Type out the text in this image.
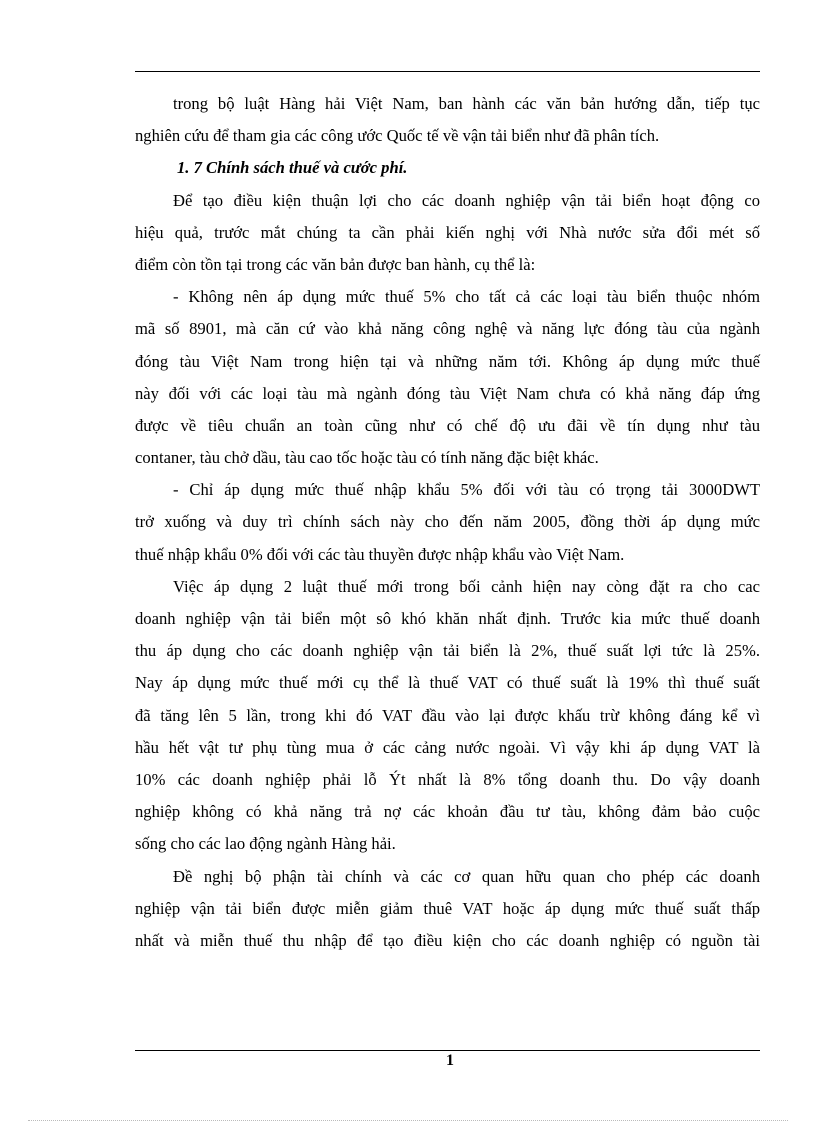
trong bộ luật Hàng hải Việt Nam, ban hành các văn bản hướng dẫn, tiếp tục
nghiên cứu để tham gia các công ước Quốc tế về vận tải biển như đã phân tích.
1. 7 Chính sách thuế và cước phí.
Để tạo điều kiện thuận lợi cho các doanh nghiệp vận tải biển hoạt động co
hiệu quả, trước mắt chúng ta cần phải kiến nghị với Nhà nước sửa đổi mét số
điểm còn tồn tại trong các văn bản được ban hành, cụ thể là:
- Không nên áp dụng mức thuế 5% cho tất cả các loại tàu biển thuộc nhóm
mã số 8901, mà căn cứ vào khả năng công nghệ và năng lực đóng tàu của ngành
đóng tàu Việt Nam trong hiện tại và những năm tới. Không áp dụng mức thuế
này đối với các loại tàu mà ngành đóng tàu Việt Nam chưa có khả năng đáp ứng
được về tiêu chuẩn an toàn cũng như có chế độ ưu đãi về tín dụng như tàu
contaner, tàu chở dầu, tàu cao tốc hoặc tàu có tính năng đặc biệt khác.
- Chỉ áp dụng mức thuế nhập khẩu 5% đối với tàu có trọng tải 3000DWT
trở xuống và duy trì chính sách này cho đến năm 2005, đồng thời áp dụng mức
thuế nhập khẩu 0% đối với các tàu thuyền được nhập khẩu vào Việt Nam.
Việc áp dụng 2 luật thuế mới trong bối cảnh hiện nay còng đặt ra cho cac
doanh nghiệp vận tải biển một sô khó khăn nhất định. Trước kia mức thuế doanh
thu áp dụng cho các doanh nghiệp vận tải biển là 2%, thuế suất lợi tức là 25%.
Nay áp dụng mức thuế mới cụ thể là thuế VAT có thuế suất là 19% thì thuế suất
đã tăng lên 5 lần, trong khi đó VAT đầu vào lại được khấu trừ không đáng kể vì
hầu hết vật tư phụ tùng mua ở các cảng nước ngoài. Vì vậy khi áp dụng VAT là
10% các doanh nghiệp phải lỗ Ýt nhất là 8% tổng doanh thu. Do vậy doanh
nghiệp không có khả năng trả nợ các khoản đầu tư tàu, không đảm bảo cuộc
sống cho các lao động ngành Hàng hải.
Đề nghị bộ phận tài chính và các cơ quan hữu quan cho phép các doanh
nghiệp vận tải biển được miễn giảm thuê VAT hoặc áp dụng mức thuế suất thấp
nhất và miễn thuế thu nhập để tạo điều kiện cho các doanh nghiệp có nguồn tài
1
